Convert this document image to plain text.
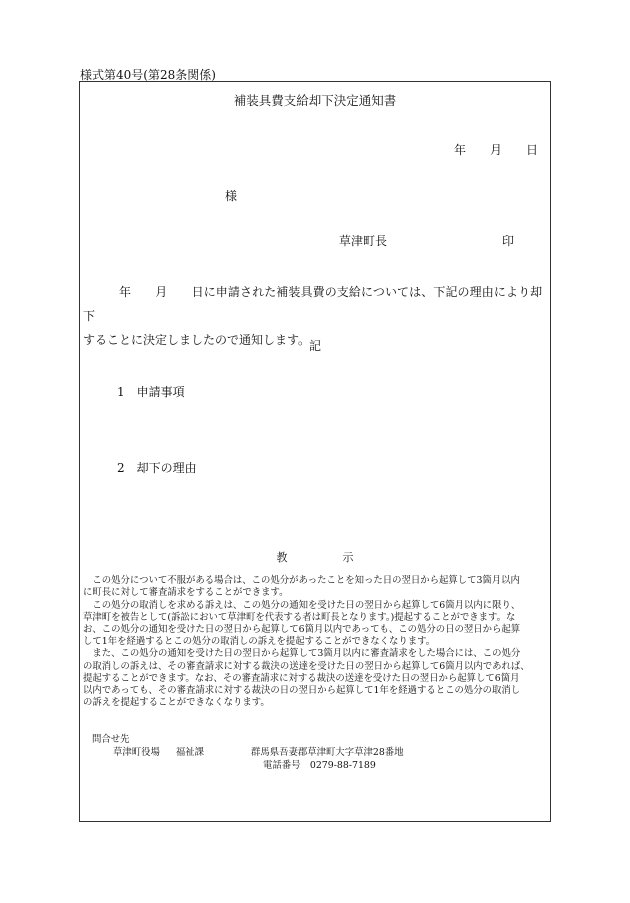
様式第40号(第28条関係)
補装具費支給却下決定通知書
年 月 日
様
草津町長	印
年　　月　　日に申請された補装具費の支給については、下記の理由により却下
することに決定しましたので通知します。
記
1　申請事項
2　却下の理由
教　　　　　示
　この処分について不服がある場合は、この処分があったことを知った日の翌日から起算して3箇月以内
に町長に対して審査請求をすることができます。
　この処分の取消しを求める訴えは、この処分の通知を受けた日の翌日から起算して6箇月以内に限り、
草津町を被告として(訴訟において草津町を代表する者は町長となります。)提起することができます。な
お、この処分の通知を受けた日の翌日から起算して6箇月以内であっても、この処分の日の翌日から起算
して1年を経過するとこの処分の取消しの訴えを提起することができなくなります。
　また、この処分の通知を受けた日の翌日から起算して3箇月以内に審査請求をした場合には、この処分
の取消しの訴えは、その審査請求に対する裁決の送達を受けた日の翌日から起算して6箇月以内であれば、
提起することができます。なお、その審査請求に対する裁決の送達を受けた日の翌日から起算して6箇月
以内であっても、その審査請求に対する裁決の日の翌日から起算して1年を経過するとこの処分の取消し
の訴えを提起することができなくなります。
問合せ先
草津町役場 福祉課	群馬県吾妻郡草津町大字草津28番地
電話番号　0279-88-7189
